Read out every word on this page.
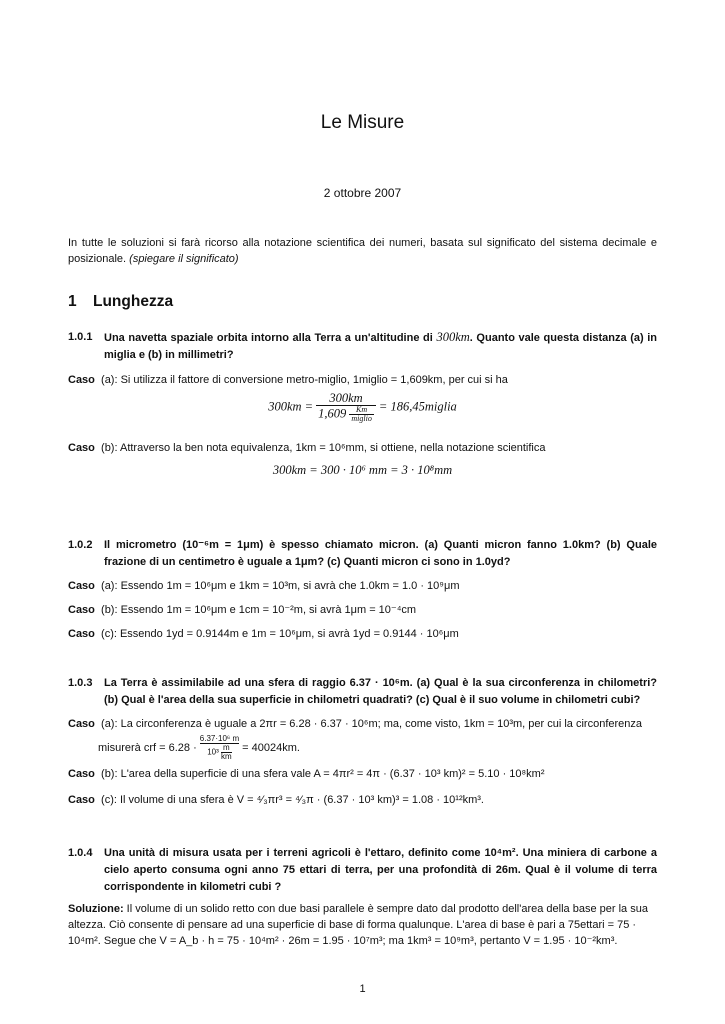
Le Misure
2 ottobre 2007
In tutte le soluzioni si farà ricorso alla notazione scientifica dei numeri, basata sul significato del sistema decimale e posizionale. (spiegare il significato)
1 Lunghezza
1.0.1 Una navetta spaziale orbita intorno alla Terra a un'altitudine di 300km. Quanto vale questa distanza (a) in miglia e (b) in millimetri?
Caso (a): Si utilizza il fattore di conversione metro-miglio, 1miglio = 1,609km, per cui si ha
300km = 300km
1,609	Km
miglio = 186,45miglia
Caso (b): Attraverso la ben nota equivalenza, 1km = 10⁶mm, si ottiene, nella notazione scientifica
300km = 300 · 10⁶ mm = 3 · 10⁸mm
1.0.2 Il micrometro (10⁻⁶m = 1μm) è spesso chiamato micron. (a) Quanti micron fanno 1.0km? (b) Quale frazione di un centimetro è uguale a 1μm? (c) Quanti micron ci sono in 1.0yd?
Caso (a): Essendo 1m = 10⁶μm e 1km = 10³m, si avrà che 1.0km = 1.0 · 10⁹μm
Caso (b): Essendo 1m = 10⁶μm e 1cm = 10⁻²m, si avrà 1μm = 10⁻⁴cm
Caso (c): Essendo 1yd = 0.9144m e 1m = 10⁶μm, si avrà 1yd = 0.9144 · 10⁶μm
1.0.3 La Terra è assimilabile ad una sfera di raggio 6.37 · 10⁶m. (a) Qual è la sua circonferenza in chilometri? (b) Qual è l'area della sua superficie in chilometri quadrati? (c) Qual è il suo volume in chilometri cubi?
Caso (a): La circonferenza è uguale a 2πr = 6.28 · 6.37 · 10⁶m; ma, come visto, 1km = 10³m, per cui la circonferenza
misurerà crf = 6.28 ·
6.37·10⁶ m
$10^3 \frac{m}{km} = 40024km$.
Caso (b): L'area della superficie di una sfera vale A = 4πr² = 4π · (6.37 · 10³ km)² = 5.10 · 10⁸km²
Caso (c): Il volume di una sfera è V = ⁴⁄₃πr³ = ⁴⁄₃π · (6.37 · 10³ km)³ = 1.08 · 10¹²km³.
1.0.4 Una unità di misura usata per i terreni agricoli è l'ettaro, definito come 10⁴m². Una miniera di carbone a cielo aperto consuma ogni anno 75 ettari di terra, per una profondità di 26m. Qual è il volume di terra corrispondente in kilometri cubi ?
Soluzione: Il volume di un solido retto con due basi parallele è sempre dato dal prodotto dell'area della base per la sua altezza. Ciò consente di pensare ad una superficie di base di forma qualunque. L'area di base è pari a 75ettari = 75 · 10⁴m². Segue che V = A_b · h = 75 · 10⁴m² · 26m = 1.95 · 10⁷m³; ma 1km³ = 10⁹m³, pertanto V = 1.95 · 10⁻²km³.
1
